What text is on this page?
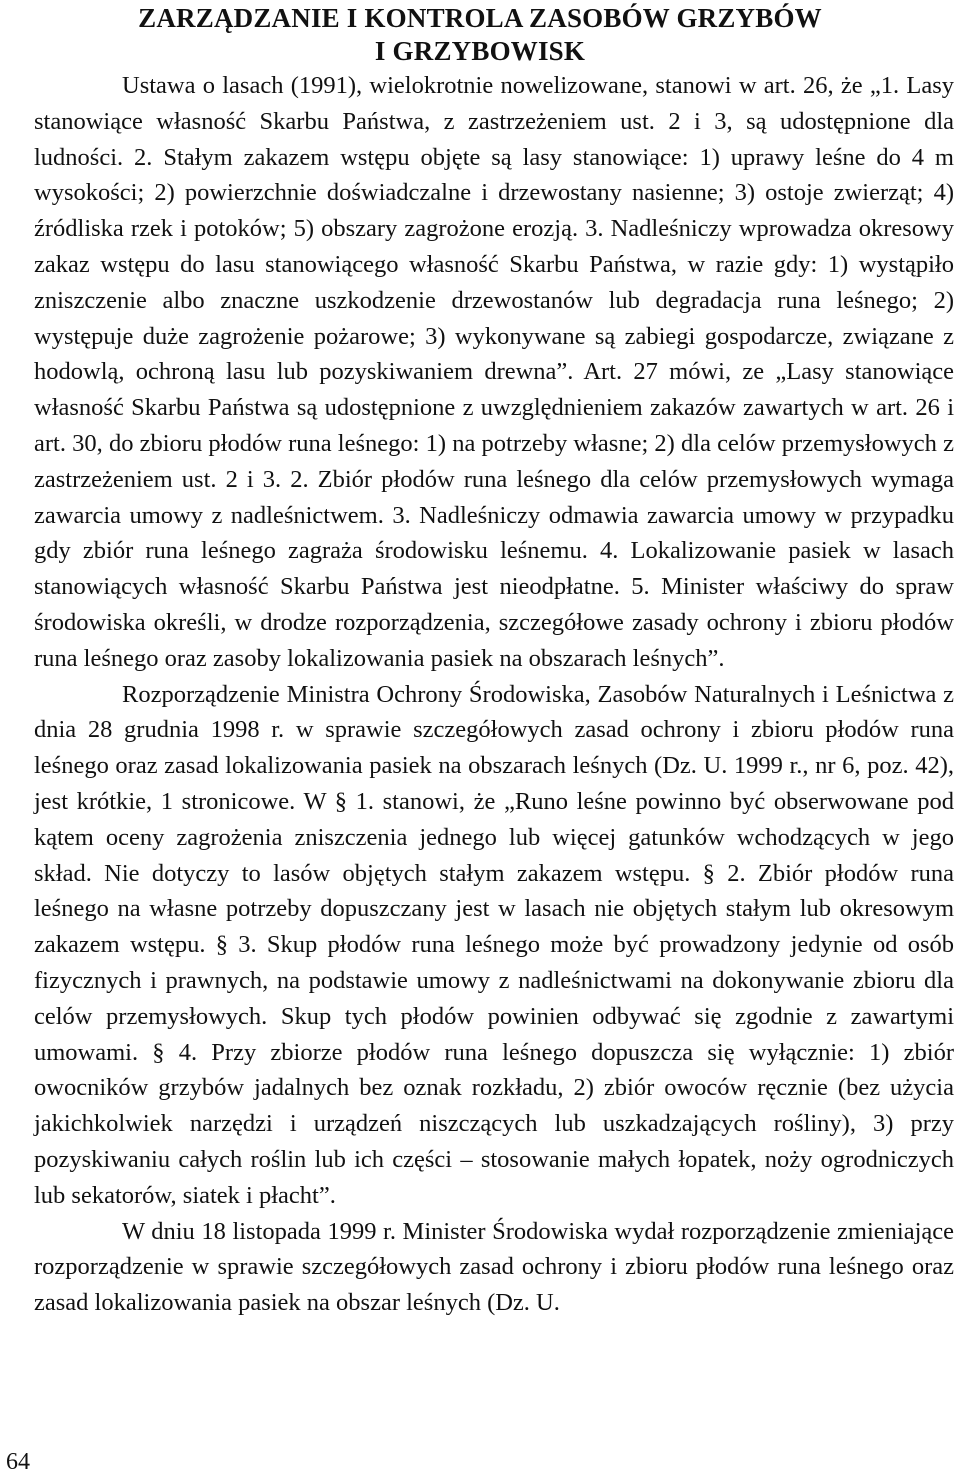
ZARZĄDZANIE I KONTROLA ZASOBÓW GRZYBÓW
I GRZYBOWISK

Ustawa o lasach (1991), wielokrotnie nowelizowane, stanowi w art. 26, że „1. Lasy stanowiące własność Skarbu Państwa, z zastrzeżeniem ust. 2 i 3, są udostępnione dla ludności. 2. Stałym zakazem wstępu objęte są lasy stanowiące: 1) uprawy leśne do 4 m wysokości; 2) powierzchnie doświadczalne i drzewostany nasienne; 3) ostoje zwierząt; 4) źródliska rzek i potoków; 5) obszary zagrożone erozją. 3. Nadleśniczy wprowadza okresowy zakaz wstępu do lasu stanowiącego własność Skarbu Państwa, w razie gdy: 1) wystąpiło zniszczenie albo znaczne uszkodzenie drzewostanów lub degradacja runa leśnego; 2) występuje duże zagrożenie pożarowe; 3) wykonywane są zabiegi gospodarcze, związane z hodowlą, ochroną lasu lub pozyskiwaniem drewna”. Art. 27 mówi, ze „Lasy stanowiące własność Skarbu Państwa są udostępnione z uwzględnieniem zakazów zawartych w art. 26 i art. 30, do zbioru płodów runa leśnego: 1) na potrzeby własne; 2) dla celów przemysłowych z zastrzeżeniem ust. 2 i 3. 2. Zbiór płodów runa leśnego dla celów przemysłowych wymaga zawarcia umowy z nadleśnictwem. 3. Nadleśniczy odmawia zawarcia umowy w przypadku gdy zbiór runa leśnego zagraża środowisku leśnemu. 4. Lokalizowanie pasiek w lasach stanowiących własność Skarbu Państwa jest nieodpłatne. 5. Minister właściwy do spraw środowiska określi, w drodze rozporządzenia, szczegółowe zasady ochrony i zbioru płodów runa leśnego oraz zasoby lokalizowania pasiek na obszarach leśnych”.

Rozporządzenie Ministra Ochrony Środowiska, Zasobów Naturalnych i Leśnictwa z dnia 28 grudnia 1998 r. w sprawie szczegółowych zasad ochrony i zbioru płodów runa leśnego oraz zasad lokalizowania pasiek na obszarach leśnych (Dz. U. 1999 r., nr 6, poz. 42), jest krótkie, 1 stronicowe. W § 1. stanowi, że „Runo leśne powinno być obserwowane pod kątem oceny zagrożenia zniszczenia jednego lub więcej gatunków wchodzących w jego skład. Nie dotyczy to lasów objętych stałym zakazem wstępu. § 2. Zbiór płodów runa leśnego na własne potrzeby dopuszczany jest w lasach nie objętych stałym lub okresowym zakazem wstępu. § 3. Skup płodów runa leśnego może być prowadzony jedynie od osób fizycznych i prawnych, na podstawie umowy z nadleśnictwami na dokonywanie zbioru dla celów przemysłowych. Skup tych płodów powinien odbywać się zgodnie z zawartymi umowami. § 4. Przy zbiorze płodów runa leśnego dopuszcza się wyłącznie: 1) zbiór owocników grzybów jadalnych bez oznak rozkładu, 2) zbiór owoców ręcznie (bez użycia jakichkolwiek narzędzi i urządzeń niszczących lub uszkadzających rośliny), 3) przy pozyskiwaniu całych roślin lub ich części – stosowanie małych łopatek, noży ogrodniczych lub sekatorów, siatek i płacht”.

W dniu 18 listopada 1999 r. Minister Środowiska wydał rozporządzenie zmieniające rozporządzenie w sprawie szczegółowych zasad ochrony i zbioru płodów runa leśnego oraz zasad lokalizowania pasiek na obszar leśnych (Dz. U.

64
